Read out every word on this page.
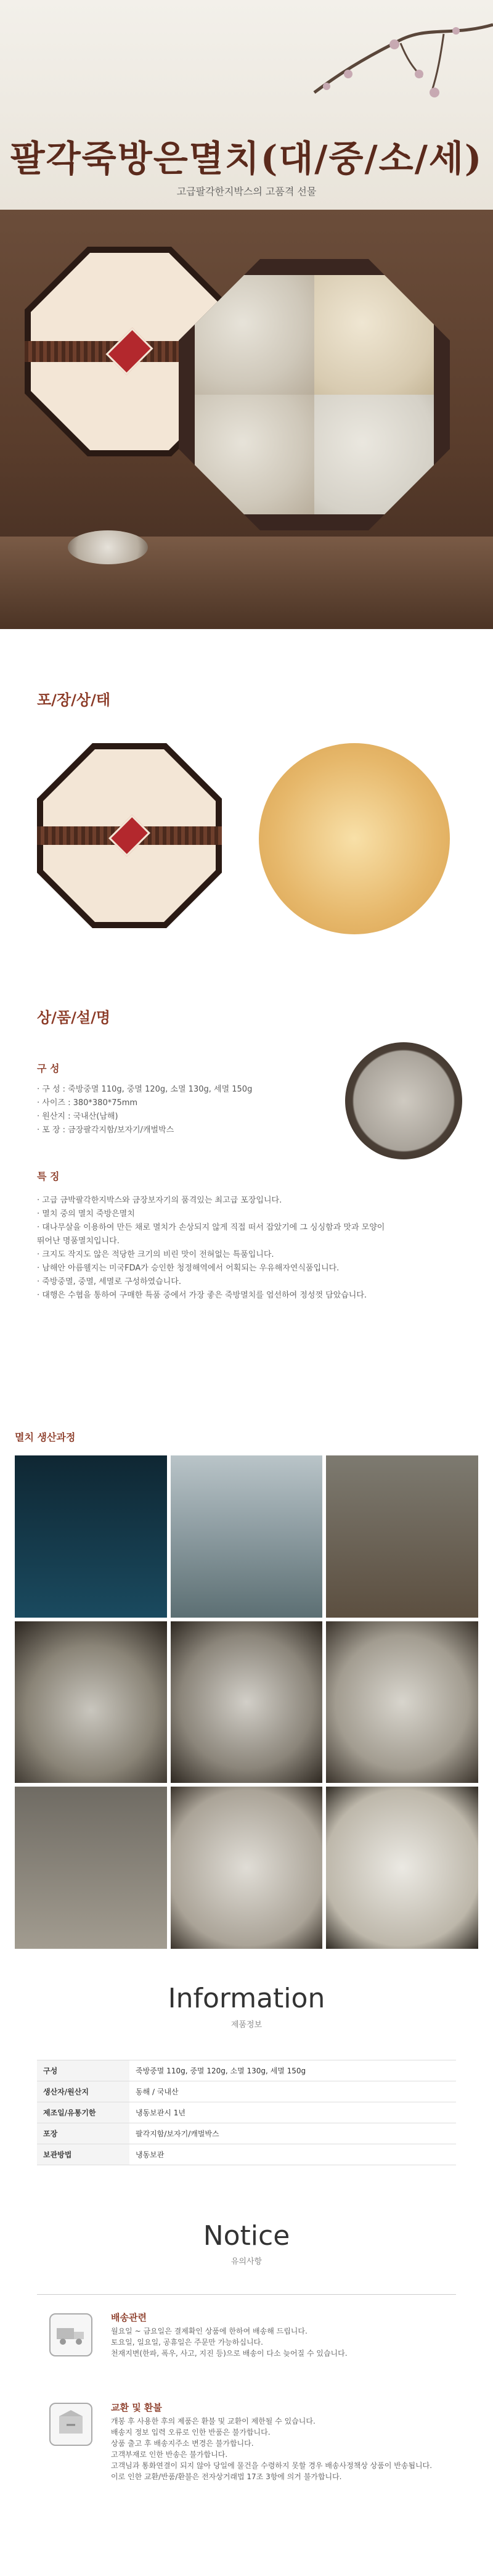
팔각죽방은멸치(대/중/소/세)
고급팔각한지박스의 고품격 선물
포/장/상/태
상/품/설/명
구 성
· 구 성 : 죽방중멸 110g, 중멸 120g, 소멸 130g, 세멸 150g
· 사이즈 : 380*380*75mm
· 원산지 : 국내산(남해)
· 포 장 : 금장팔각지함/보자기/캐벌박스
특 징
· 고급 금박팔각한지박스와 금장보자기의 품격있는 최고급 포장입니다.
· 멸치 중의 멸치 죽방은멸치
· 대나무살을 이용하여 만든 채로 멸치가 손상되지 않게 직접 떠서 잡았기에 그 싱싱함과 맛과 모양이
뛰어난 명품멸치입니다.
· 크지도 작지도 않은 적당한 크기의 비린 맛이 전혀없는 특품입니다.
· 남해안 아름웰지는 미국FDA가 승인한 청정해역에서 어획되는 우유해자연식품입니다.
· 죽방중멸, 중멸, 세멸로 구성하였습니다.
· 대행은 수협을 통하여 구매한 특품 중에서 가장 좋은 죽방멸치를 엄선하여 정성껏 담았습니다.
멸치 생산과정
Information
제품정보
구성	죽방중멸 110g, 중멸 120g, 소멸 130g, 세멸 150g
생산자/원산지	동해 / 국내산
제조일/유통기한	냉동보관시 1년
포장	팔각지함/보자기/캐벌박스
보관방법	냉동보관
Notice
유의사항
배송관련
월요일 ~ 금요일은 결제확인 상품에 한하여 배송해 드립니다.
토요일, 일요일, 공휴일은 주문만 가능하십니다.
천재지변(한파, 폭우, 사고, 지진 등)으로 배송이 다소 늦어질 수 있습니다.
교환 및 환불
개봉 후 사용한 후의 제품은 환불 및 교환이 제한될 수 있습니다.
배송지 정보 입력 오류로 인한 반품은 불가합니다.
상품 출고 후 배송지주소 변경은 불가합니다.
고객부재로 인한 반송은 불가합니다.
고객님과 통화연결이 되지 않아 당일에 물건을 수령하지 못할 경우 배송사정책상 상품이 반송됩니다.
이로 인한 교환/반품/환불은 전자상거래법 17조 3항에 의거 불가합니다.
